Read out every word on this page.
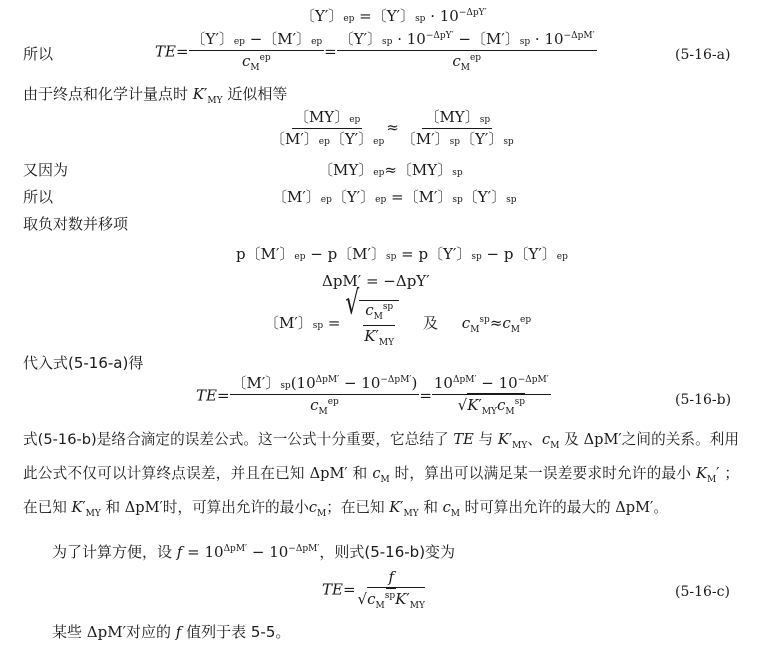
〔Y′〕ep =〔Y′〕sp · $10^{-\Delta pY'}$
所以	$TE= \frac{〔Y'〕ep -〔M'〕ep}{c_M^{ep}} = \frac{〔Y'〕sp \cdot 10^{-\Delta pY'} -〔M'〕sp \cdot 10^{-\Delta pM'}}{c_M^{ep}}$	(5-16-a)
由于终点和化学计量点时 $K'_{MY}$ 近似相等
$\frac{〔MY〕ep}{〔M'〕ep〔Y'〕ep} \approx \frac{〔MY〕sp}{〔M'〕sp〔Y'〕sp}$
又因为	〔MY〕ep≈〔MY〕sp
所以	〔M′〕ep〔Y′〕ep =〔M′〕sp〔Y′〕sp
取负对数并移项
p〔M′〕ep − p〔M′〕sp = p〔Y′〕sp − p〔Y′〕ep
ΔpM′ = −ΔpY′
〔M′〕sp =
√ $\frac{c_M^{sp}}{K'_{MY}}$ 及 $c_M^{sp}\approx c_M^{ep}$
代入式(5-16-a)得
$TE= \frac{〔M'〕sp(10^{\Delta pM'} - 10^{-\Delta pM'})}{c_M^{ep}} = \frac{10^{\Delta pM'} - 10^{-\Delta pM'}}{√K'_{MY}c_M^{sp}}$	(5-16-b)
式(5-16-b)是络合滴定的误差公式。这一公式十分重要，它总结了 TE 与 $K'_{MY}$、$c_M$ 及 ΔpM′之间的关系。利用此公式不仅可以计算终点误差，并且在已知 ΔpM′ 和 $c_M$ 时，算出可以满足某一误差要求时允许的最小 $K_M'$ ；在已知 $K'_{MY}$ 和 ΔpM′时，可算出允许的最小$c_M$；在已知 $K'_{MY}$ 和 $c_M$ 时可算出允许的最大的 ΔpM′。
为了计算方便，设 $f = 10^{\Delta pM'} - 10^{-\Delta pM'}$，则式(5-16-b)变为
$TE= \frac{f}{√c_M^{sp}K'_{MY}}$	(5-16-c)
某些 ΔpM′对应的 f 值列于表 5-5。
